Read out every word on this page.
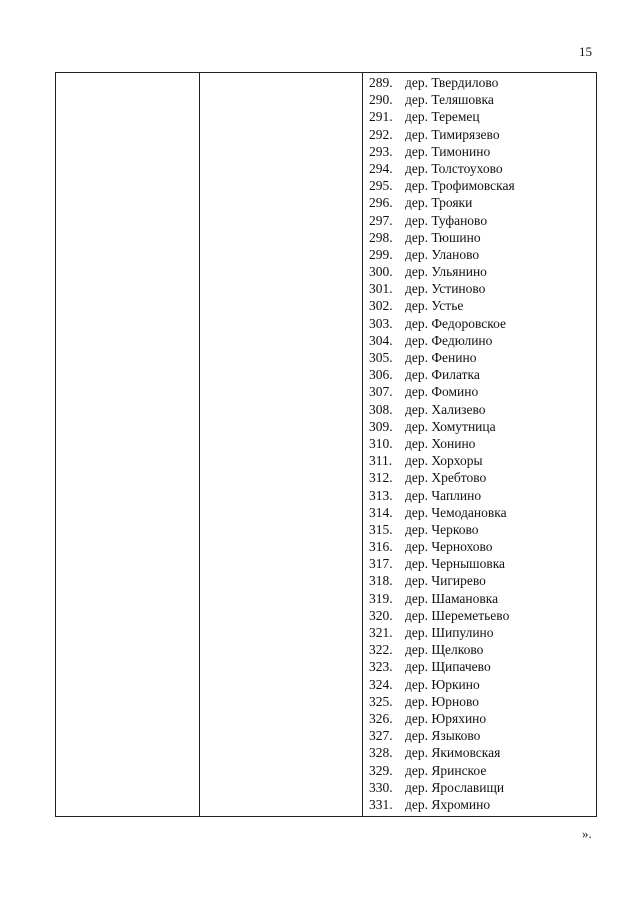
15
289. дер. Твердилово
290. дер. Теляшовка
291. дер. Теремец
292. дер. Тимирязево
293. дер. Тимонино
294. дер. Толстоухово
295. дер. Трофимовская
296. дер. Трояки
297. дер. Туфаново
298. дер. Тюшино
299. дер. Уланово
300. дер. Ульянино
301. дер. Устиново
302. дер. Устье
303. дер. Федоровское
304. дер. Федюлино
305. дер. Фенино
306. дер. Филатка
307. дер. Фомино
308. дер. Хализево
309. дер. Хомутница
310. дер. Хонино
311. дер. Хорхоры
312. дер. Хребтово
313. дер. Чаплино
314. дер. Чемодановка
315. дер. Черково
316. дер. Чернохово
317. дер. Чернышовка
318. дер. Чигирево
319. дер. Шамановка
320. дер. Шереметьево
321. дер. Шипулино
322. дер. Щелково
323. дер. Щипачево
324. дер. Юркино
325. дер. Юрново
326. дер. Юряхино
327. дер. Языково
328. дер. Якимовская
329. дер. Яринское
330. дер. Ярославищи
331. дер. Яхромино
».
